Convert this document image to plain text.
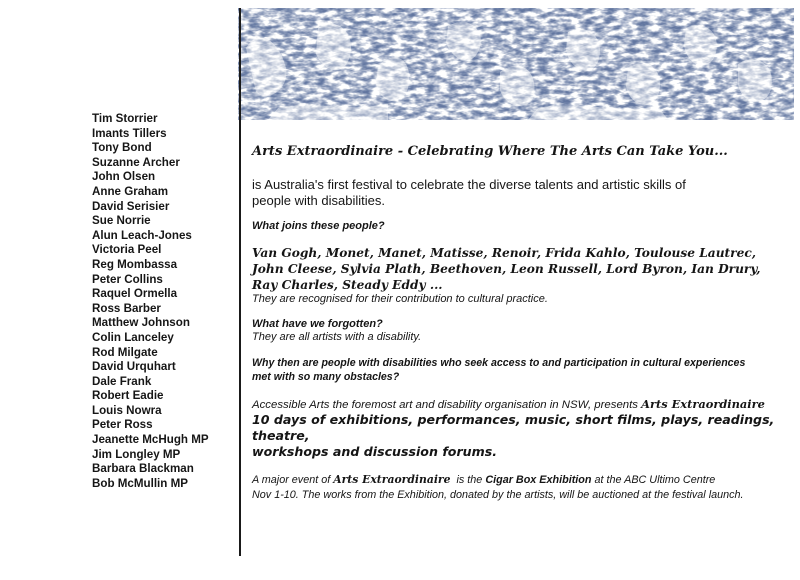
Tim Storrier
Imants Tillers
Tony Bond
Suzanne Archer
John Olsen
Anne Graham
David Serisier
Sue Norrie
Alun Leach-Jones
Victoria Peel
Reg Mombassa
Peter Collins
Raquel Ormella
Ross Barber
Matthew Johnson
Colin Lanceley
Rod Milgate
David Urquhart
Dale Frank
Robert Eadie
Louis Nowra
Peter Ross
Jeanette McHugh MP
Jim Longley MP
Barbara Blackman
Bob McMullin MP

Arts Extraordinaire - Celebrating Where The Arts Can Take You...

is Australia's first festival to celebrate the diverse talents and artistic skills of
people with disabilities.

What joins these people?

Van Gogh, Monet, Manet, Matisse, Renoir, Frida Kahlo, Toulouse Lautrec,
John Cleese, Sylvia Plath, Beethoven, Leon Russell, Lord Byron, Ian Drury,
Ray Charles, Steady Eddy ...

They are recognised for their contribution to cultural practice.

What have we forgotten?

They are all artists with a disability.

Why then are people with disabilities who seek access to and participation in cultural experiences
met with so many obstacles?

Accessible Arts the foremost art and disability organisation in NSW, presents Arts Extraordinaire

10 days of exhibitions, performances, music, short films, plays, readings, theatre,
workshops and discussion forums.
A major event of Arts Extraordinaire  is the Cigar Box Exhibition at the ABC Ultimo Centre
Nov 1-10. The works from the Exhibition, donated by the artists, will be auctioned at the festival launch.
